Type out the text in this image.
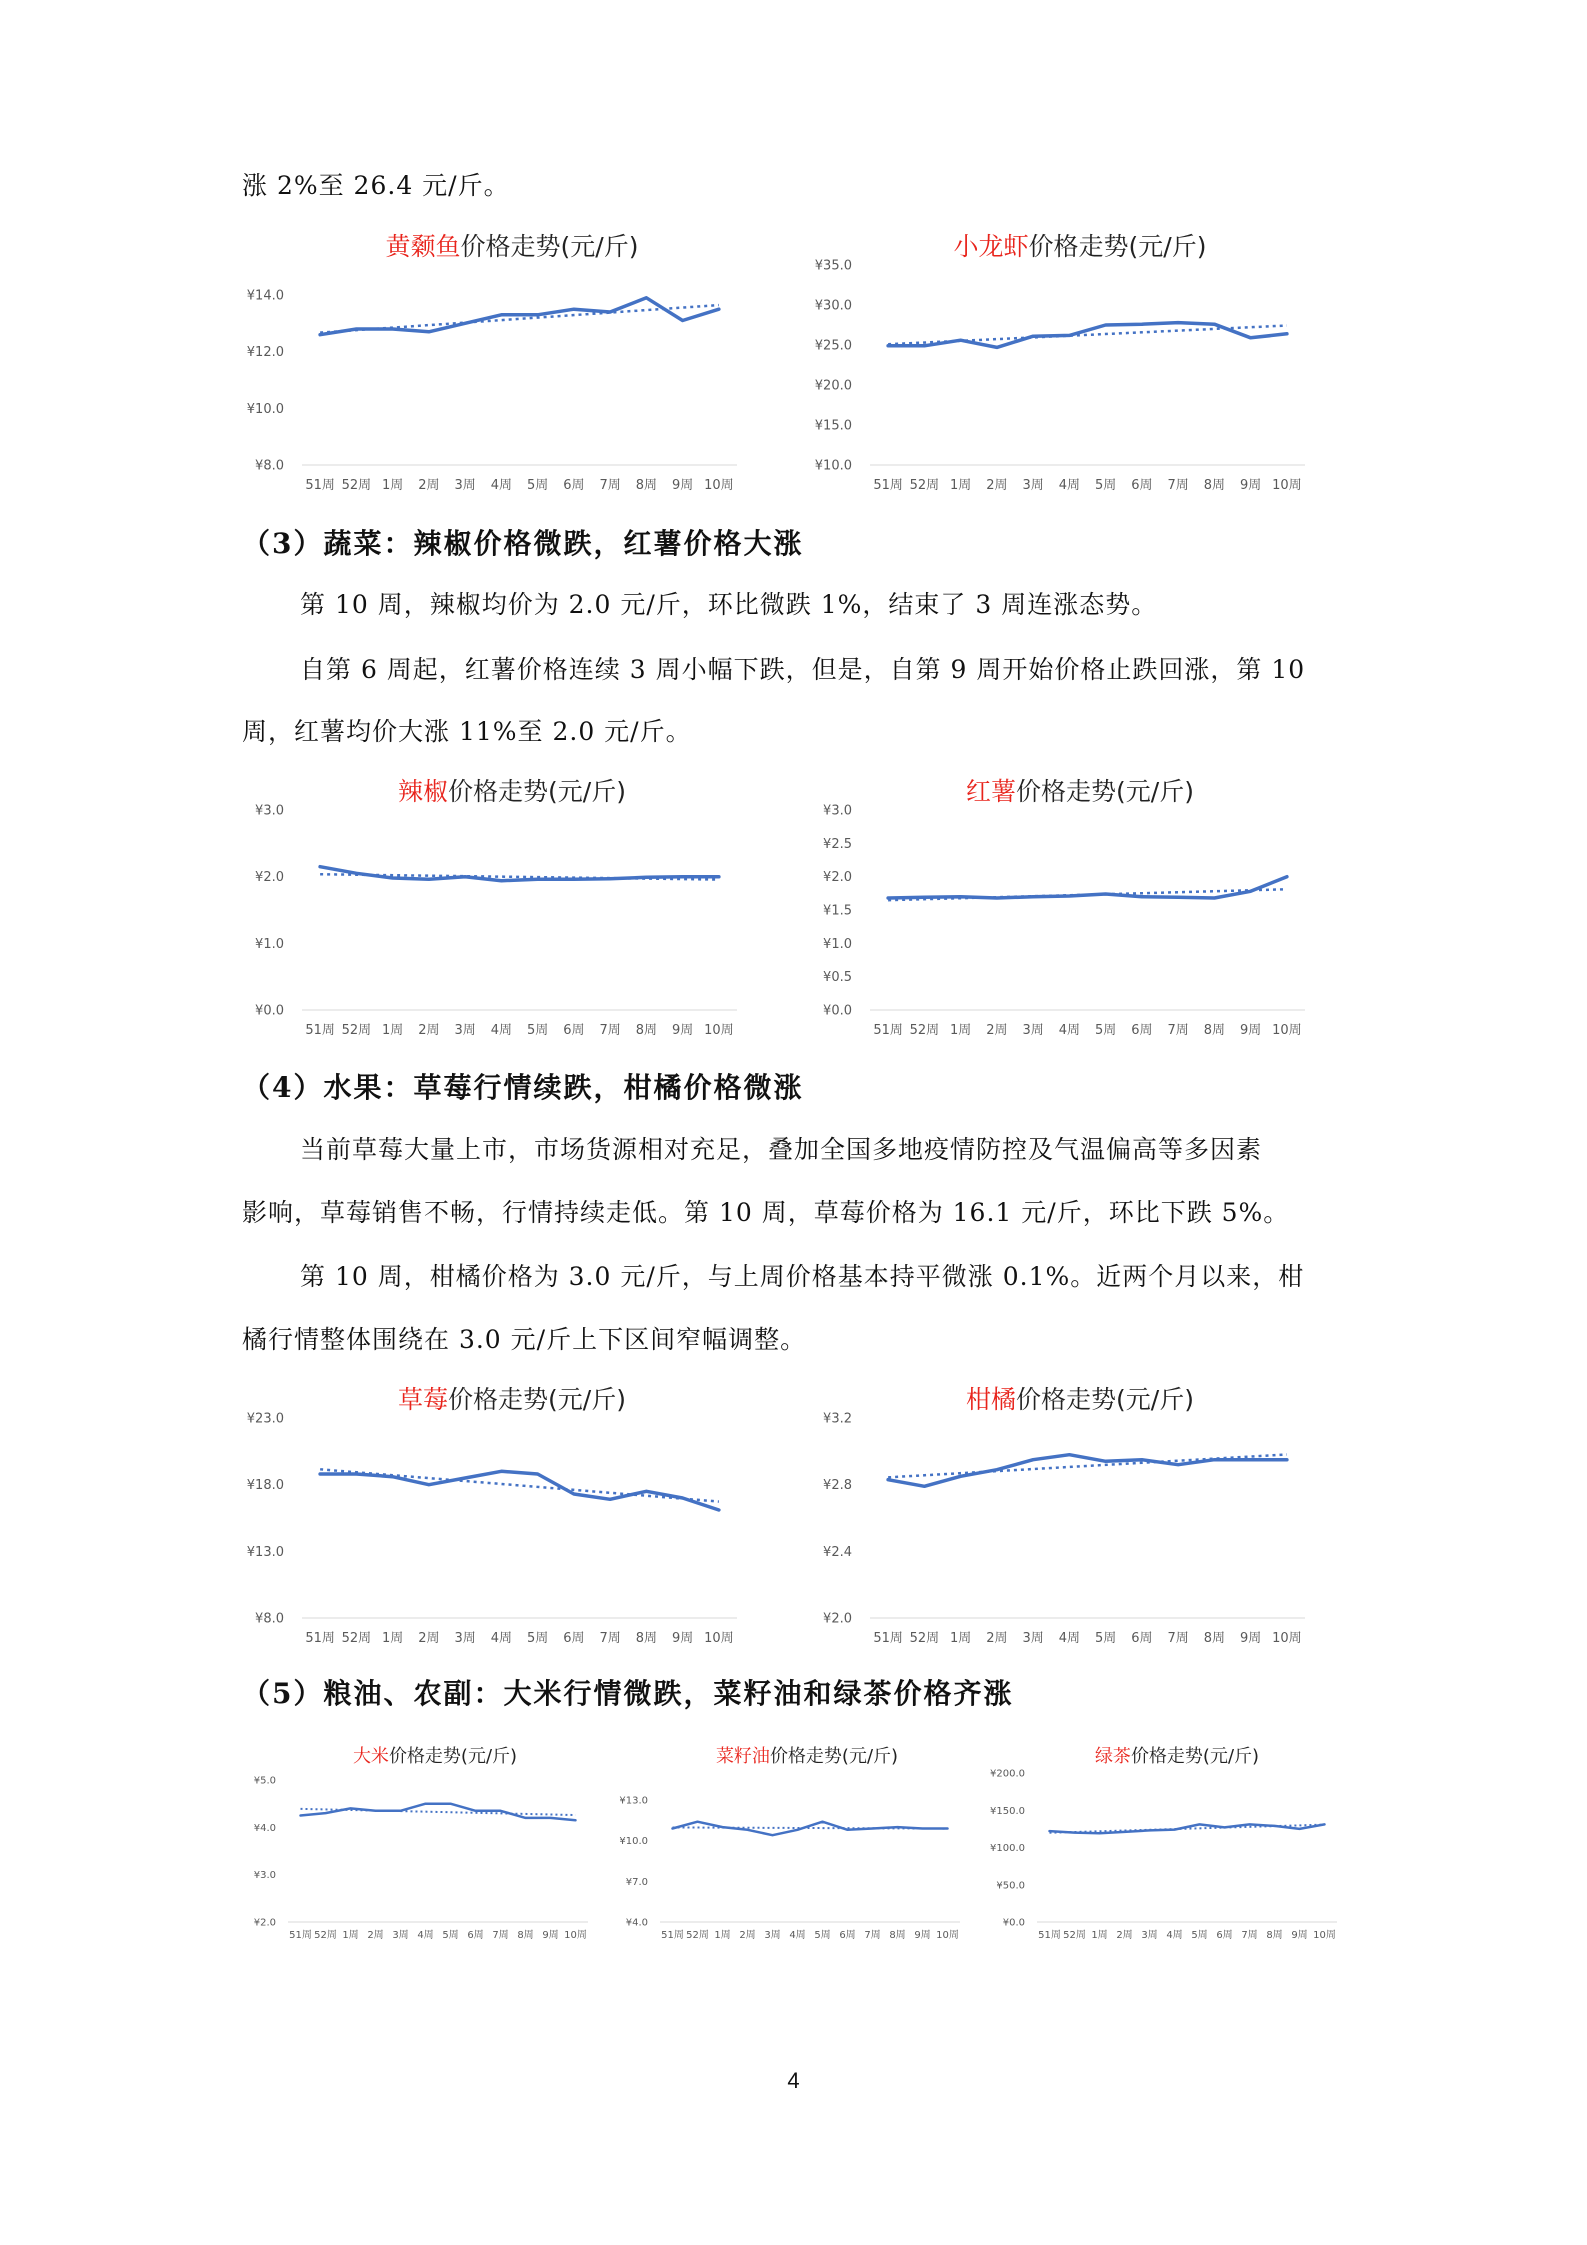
涨 2%至 26.4 元/斤。

黄颡鱼价格走势(元/斤)
¥8.0
¥10.0
¥12.0
¥14.0
51周 52周 1周 2周 3周 4周 5周 6周 7周 8周 9周 10周
小龙虾价格走势(元/斤)
¥10.0
¥15.0
¥20.0
¥25.0
¥30.0
¥35.0
51周 52周 1周 2周 3周 4周 5周 6周 7周 8周 9周 10周
（3）蔬菜：辣椒价格微跌，红薯价格大涨

第 10 周，辣椒均价为 2.0 元/斤，环比微跌 1%，结束了 3 周连涨态势。

自第 6 周起，红薯价格连续 3 周小幅下跌，但是，自第 9 周开始价格止跌回涨，第 10

周，红薯均价大涨 11%至 2.0 元/斤。

辣椒价格走势(元/斤)
¥0.0
¥1.0
¥2.0
¥3.0
51周 52周 1周 2周 3周 4周 5周 6周 7周 8周 9周 10周
红薯价格走势(元/斤)
¥0.0
¥0.5
¥1.0
¥1.5
¥2.0
¥2.5
¥3.0
51周 52周 1周 2周 3周 4周 5周 6周 7周 8周 9周 10周
（4）水果：草莓行情续跌，柑橘价格微涨

当前草莓大量上市，市场货源相对充足，叠加全国多地疫情防控及气温偏高等多因素

影响，草莓销售不畅，行情持续走低。第 10 周，草莓价格为 16.1 元/斤，环比下跌 5%。

第 10 周，柑橘价格为 3.0 元/斤，与上周价格基本持平微涨 0.1%。近两个月以来，柑

橘行情整体围绕在 3.0 元/斤上下区间窄幅调整。

草莓价格走势(元/斤)
¥8.0
¥13.0
¥18.0
¥23.0
51周 52周 1周 2周 3周 4周 5周 6周 7周 8周 9周 10周
柑橘价格走势(元/斤)
¥2.0
¥2.4
¥2.8
¥3.2
51周 52周 1周 2周 3周 4周 5周 6周 7周 8周 9周 10周
（5）粮油、农副：大米行情微跌，菜籽油和绿茶价格齐涨
大米价格走势(元/斤)
¥2.0
¥3.0
¥4.0
¥5.0
51周 52周 1周 2周 3周 4周 5周 6周 7周 8周 9周 10周
菜籽油价格走势(元/斤)
¥4.0
¥7.0
¥10.0
¥13.0
51周 52周 1周 2周 3周 4周 5周 6周 7周 8周 9周 10周
绿茶价格走势(元/斤)
¥0.0
¥50.0
¥100.0
¥150.0
¥200.0
51周 52周 1周 2周 3周 4周 5周 6周 7周 8周 9周 10周
4
